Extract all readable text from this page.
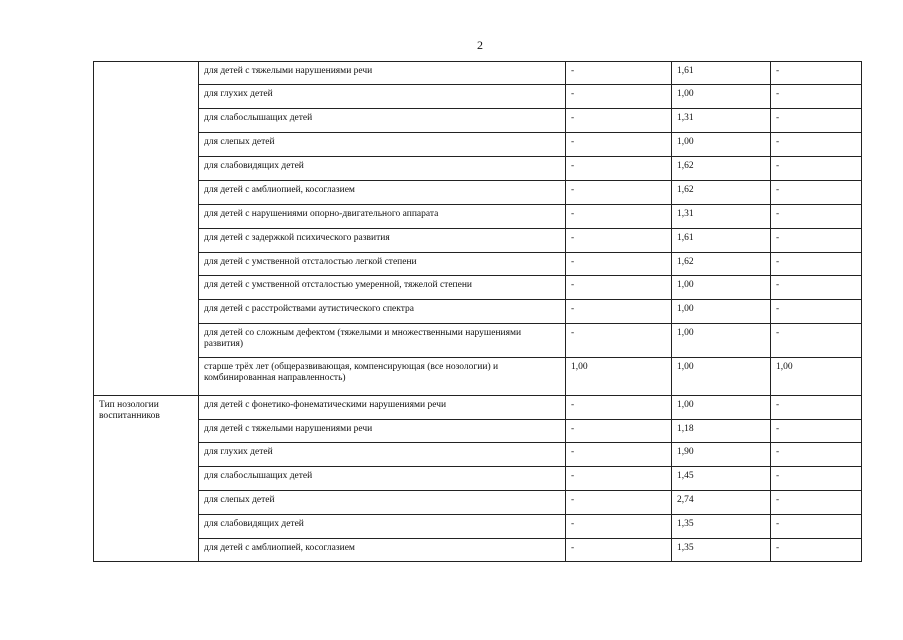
2
	для детей с тяжелыми нарушениями речи	-	1,61	-
	для глухих детей	-	1,00	-
	для слабослышащих детей	-	1,31	-
	для слепых детей	-	1,00	-
	для слабовидящих детей	-	1,62	-
	для детей с амблиопией, косоглазием	-	1,62	-
	для детей с нарушениями опорно-двигательного аппарата	-	1,31	-
	для детей с задержкой психического развития	-	1,61	-
	для детей с умственной отсталостью легкой степени	-	1,62	-
	для детей с умственной отсталостью умеренной, тяжелой степени	-	1,00	-
	для детей с расстройствами аутистического спектра	-	1,00	-
	для детей со сложным дефектом (тяжелыми и множественными нарушениями развития)	-	1,00	-
	старше трёх лет (общеразвивающая, компенсирующая (все нозологии) и комбинированная направленность)	1,00	1,00	1,00
Тип нозологии воспитанников	для детей с фонетико-фонематическими нарушениями речи	-	1,00	-
	для детей с тяжелыми нарушениями речи	-	1,18	-
	для глухих детей	-	1,90	-
	для слабослышащих детей	-	1,45	-
	для слепых детей	-	2,74	-
	для слабовидящих детей	-	1,35	-
	для детей с амблиопией, косоглазием	-	1,35	-
